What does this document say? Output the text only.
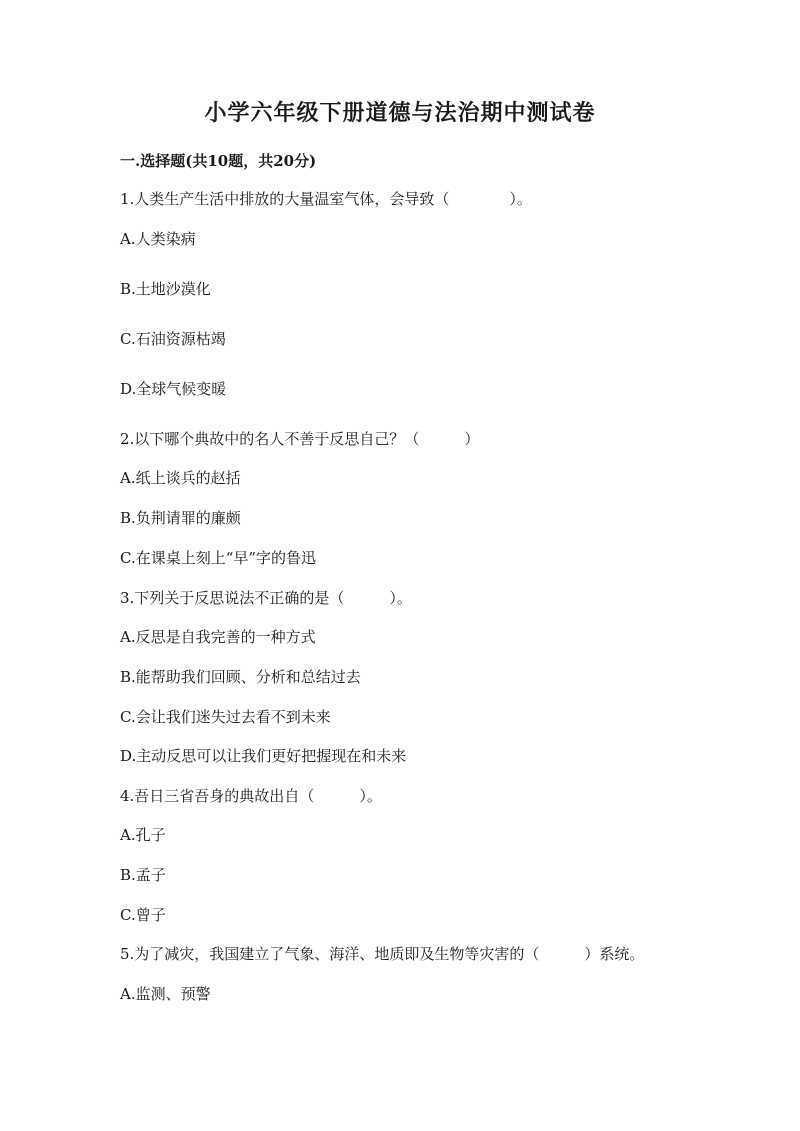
小学六年级下册道德与法治期中测试卷
一.选择题(共10题，共20分)
1.人类生产生活中排放的大量温室气体，会导致（　　　　）。
A.人类染病
B.土地沙漠化
C.石油资源枯竭
D.全球气候变暖
2.以下哪个典故中的名人不善于反思自己？（　　　）
A.纸上谈兵的赵括
B.负荆请罪的廉颇
C.在课桌上刻上“早”字的鲁迅
3.下列关于反思说法不正确的是（　　　）。
A.反思是自我完善的一种方式
B.能帮助我们回顾、分析和总结过去
C.会让我们迷失过去看不到未来
D.主动反思可以让我们更好把握现在和未来
4.吾日三省吾身的典故出自（　　　）。
A.孔子
B.孟子
C.曾子
5.为了减灾，我国建立了气象、海洋、地质即及生物等灾害的（　　　）系统。
A.监测、预警
